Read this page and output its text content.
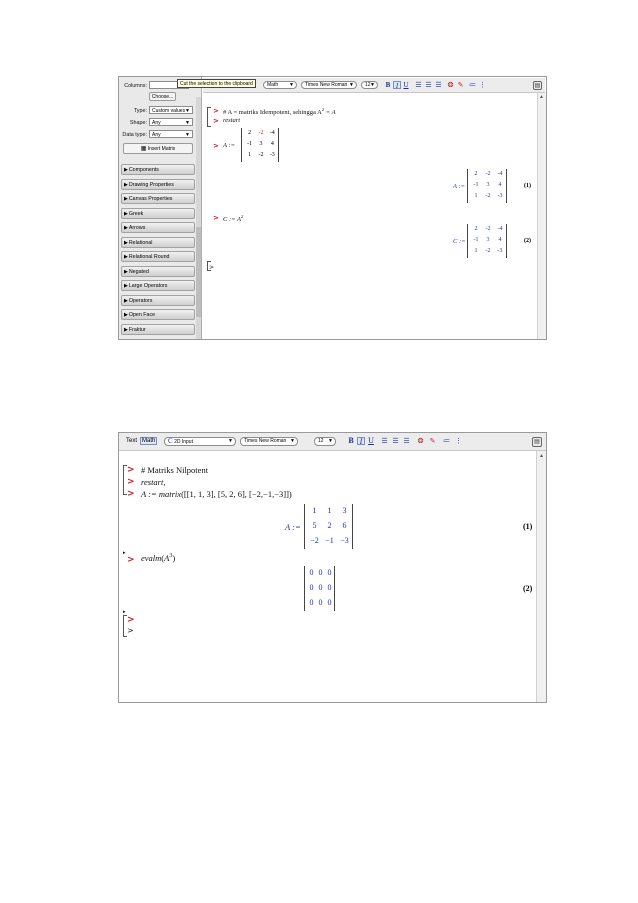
Columns:
Choose...
Type:	Custom values ▼
Shape:	Any	▼
Data type:	Any	▼
▦ Insert Matrix
▶Components
▶Drawing Properties
▶Canvas Properties
▶Greek
▶Arrows
▶Relational
▶Relational Round
▶Negated
▶Large Operators
▶Operators
▶Open Face
▶Fraktur
Math ▼	Times New Roman ▼	12 ▼ B I U ☰ ☰ ☰ ❂ ✎ ≔ ⋮	▤
Cut the selection to the clipboard
> # A = matriks Idempotent, sehingga $A^2 = A$
> restart
> A :=
2	-2	-4
-1	3	4
1	-2	-3
A :=
2	-2	-4
-1	3	4
1	-2	-3
(1)
> C := $A^2$
C :=
2	-2	-4
-1	3	4
1	-2	-3
(2)
>
▲
Text Math	C 2D Input	▼	Times New Roman ▼	12 ▼ B I U ☰ ☰ ☰ ❂ ✎ ≔ ⋮	▤
> # Matriks Nilpotent
> restart,
> A := matrix([[1, 1, 3], [5, 2, 6], [−2,−1,−3]])
A :=
1	1	3
5	2	6
−2 −1 −3
(1)
▸
> $evalm(A^3)$
0 0 0
0 0 0
0 0 0
(2)
▸
>
>
▲
